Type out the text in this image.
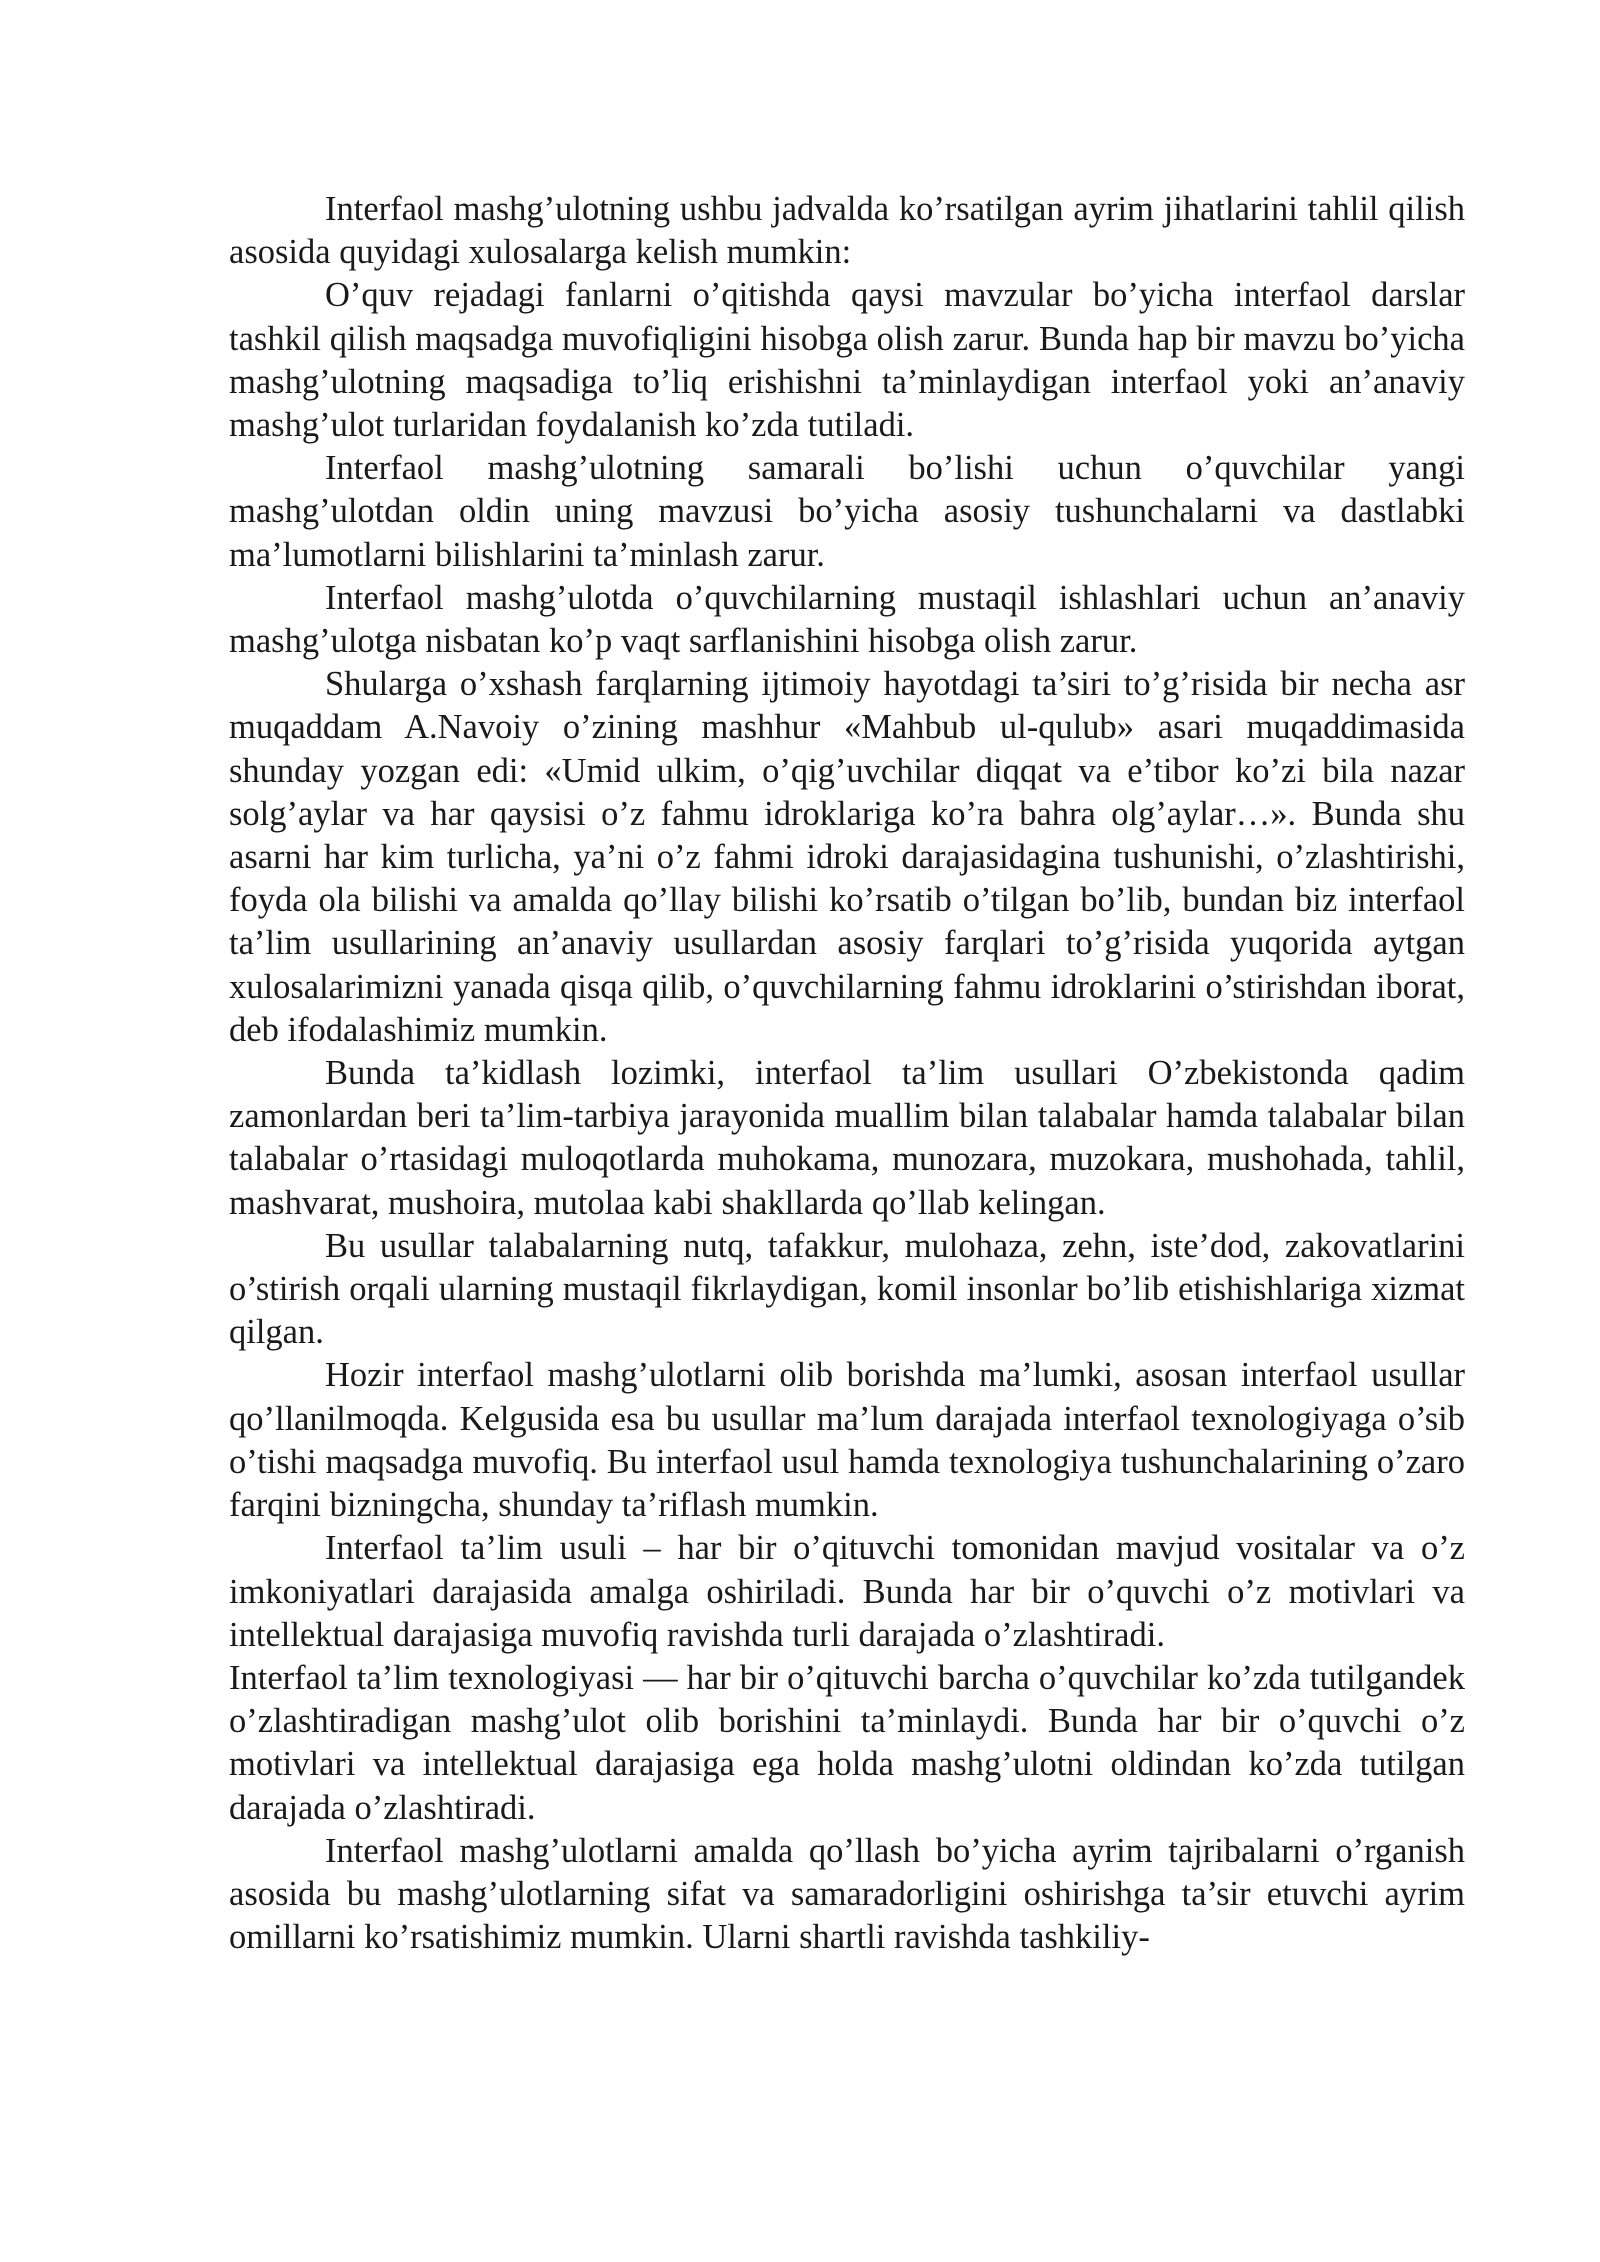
Interfaol mashg’ulotning ushbu jadvalda ko’rsatilgan ayrim jihatlarini tahlil qilish asosida quyidagi xulosalarga kelish mumkin:

O’quv rejadagi fanlarni o’qitishda qaysi mavzular bo’yicha interfaol darslar tashkil qilish maqsadga muvofiqligini hisobga olish zarur. Bunda hap bir mavzu bo’yicha mashg’ulotning maqsadiga to’liq erishishni ta’minlaydigan interfaol yoki an’anaviy mashg’ulot turlaridan foydalanish ko’zda tutiladi.

Interfaol mashg’ulotning samarali bo’lishi uchun o’quvchilar yangi mashg’ulotdan oldin uning mavzusi bo’yicha asosiy tushunchalarni va dastlabki ma’lumotlarni bilishlarini ta’minlash zarur.

Interfaol mashg’ulotda o’quvchilarning mustaqil ishlashlari uchun an’anaviy mashg’ulotga nisbatan ko’p vaqt sarflanishini hisobga olish zarur.

Shularga o’xshash farqlarning ijtimoiy hayotdagi ta’siri to’g’risida bir necha asr muqaddam A.Navoiy o’zining mashhur «Mahbub ul-qulub» asari muqaddimasida shunday yozgan edi: «Umid ulkim, o’qig’uvchilar diqqat va e’tibor ko’zi bila nazar solg’aylar va har qaysisi o’z fahmu idroklariga ko’ra bahra olg’aylar…». Bunda shu asarni har kim turlicha, ya’ni o’z fahmi idroki darajasidagina tushunishi, o’zlashtirishi, foyda ola bilishi va amalda qo’llay bilishi ko’rsatib o’tilgan bo’lib, bundan biz interfaol ta’lim usullarining an’anaviy usullardan asosiy farqlari to’g’risida yuqorida aytgan xulosalarimizni yanada qisqa qilib, o’quvchilarning fahmu idroklarini o’stirishdan iborat, deb ifodalashimiz mumkin.

Bunda ta’kidlash lozimki, interfaol ta’lim usullari O’zbekistonda qadim zamonlardan beri ta’lim-tarbiya jarayonida muallim bilan talabalar hamda talabalar bilan talabalar o’rtasidagi muloqotlarda muhokama, munozara, muzokara, mushohada, tahlil, mashvarat, mushoira, mutolaa kabi shakllarda qo’llab kelingan.

Bu usullar talabalarning nutq, tafakkur, mulohaza, zehn, iste’dod, zakovatlarini o’stirish orqali ularning mustaqil fikrlaydigan, komil insonlar bo’lib etishishlariga xizmat qilgan.

Hozir interfaol mashg’ulotlarni olib borishda ma’lumki, asosan interfaol usullar qo’llanilmoqda. Kelgusida esa bu usullar ma’lum darajada interfaol texnologiyaga o’sib o’tishi maqsadga muvofiq. Bu interfaol usul hamda texnologiya tushunchalarining o’zaro farqini bizningcha, shunday ta’riflash mumkin.

Interfaol ta’lim usuli – har bir o’qituvchi tomonidan mavjud vositalar va o’z imkoniyatlari darajasida amalga oshiriladi. Bunda har bir o’quvchi o’z motivlari va intellektual darajasiga muvofiq ravishda turli darajada o’zlashtiradi.

Interfaol ta’lim texnologiyasi — har bir o’qituvchi barcha o’quvchilar ko’zda tutilgandek o’zlashtiradigan mashg’ulot olib borishini ta’minlaydi. Bunda har bir o’quvchi o’z motivlari va intellektual darajasiga ega holda mashg’ulotni oldindan ko’zda tutilgan darajada o’zlashtiradi.

Interfaol mashg’ulotlarni amalda qo’llash bo’yicha ayrim tajribalarni o’rganish asosida bu mashg’ulotlarning sifat va samaradorligini oshirishga ta’sir etuvchi ayrim omillarni ko’rsatishimiz mumkin. Ularni shartli ravishda tashkiliy-
